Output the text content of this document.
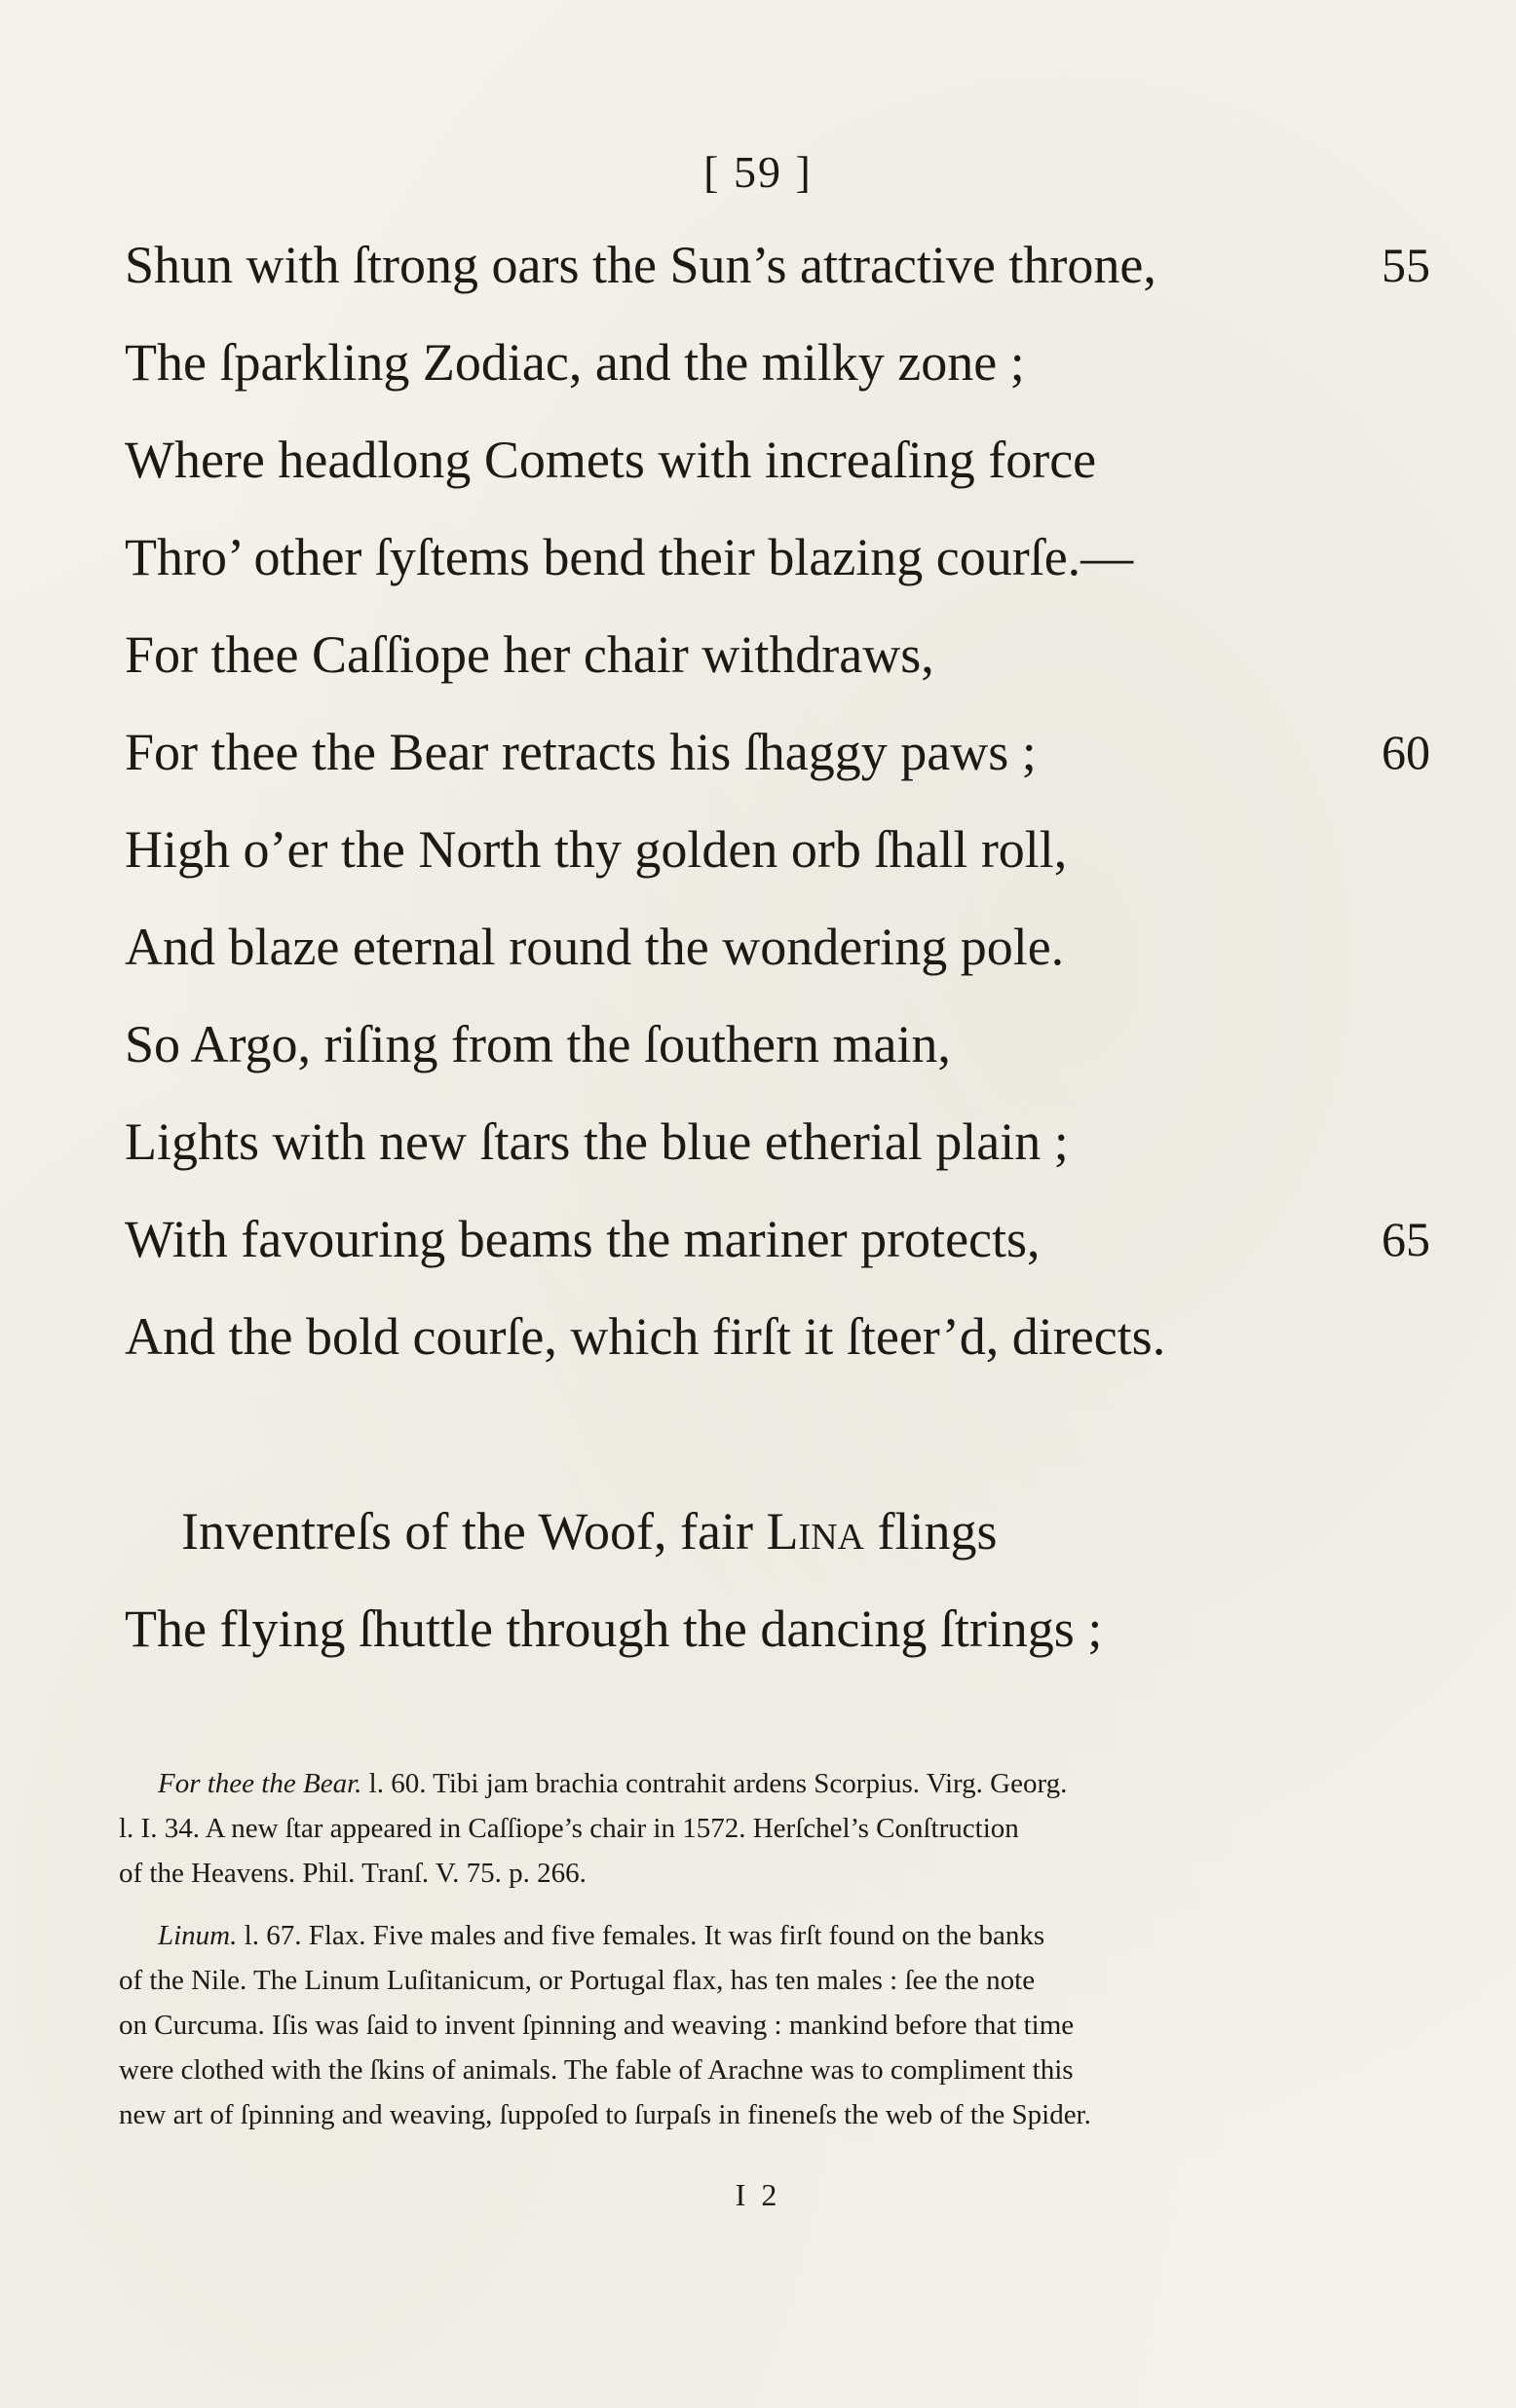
[ 59 ]
Shun with ſtrong oars the Sun’s attractive throne,	55
The ſparkling Zodiac, and the milky zone ;
Where headlong Comets with increaſing force
Thro’ other ſyſtems bend their blazing courſe.—
For thee Caſſiope her chair withdraws,
For thee the Bear retracts his ſhaggy paws ;	60
High o’er the North thy golden orb ſhall roll,
And blaze eternal round the wondering pole.
So Argo, riſing from the ſouthern main,
Lights with new ſtars the blue etherial plain ;
With favouring beams the mariner protects,	65
And the bold courſe, which firſt it ſteer’d, directs.
Inventreſs of the Woof, fair Lina flings
The flying ſhuttle through the dancing ſtrings ;
For thee the Bear. l. 60. Tibi jam brachia contrahit ardens Scorpius. Virg. Georg.
l. I. 34. A new ſtar appeared in Caſſiope’s chair in 1572. Herſchel’s Conſtruction
of the Heavens. Phil. Tranſ. V. 75. p. 266.
Linum. l. 67. Flax. Five males and five females. It was firſt found on the banks
of the Nile. The Linum Luſitanicum, or Portugal flax, has ten males : ſee the note
on Curcuma. Iſis was ſaid to invent ſpinning and weaving : mankind before that time
were clothed with the ſkins of animals. The fable of Arachne was to compliment this
new art of ſpinning and weaving, ſuppoſed to ſurpaſs in fineneſs the web of the Spider.
I 2
